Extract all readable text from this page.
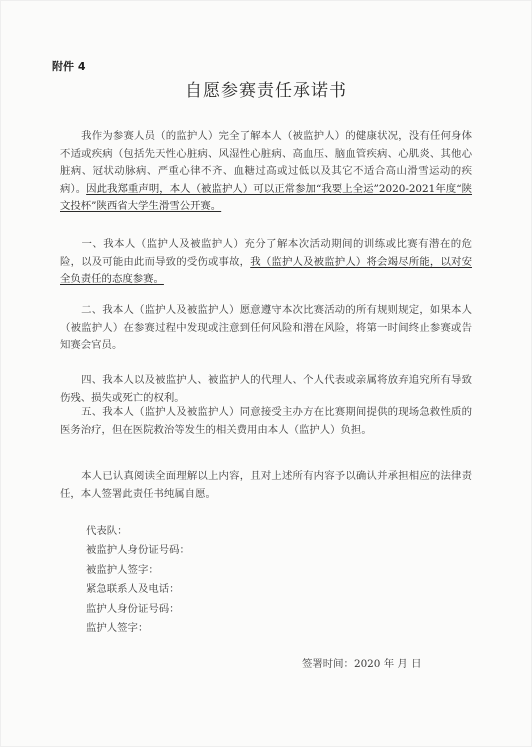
附件 4
自愿参赛责任承诺书
我作为参赛人员（的监护人）完全了解本人（被监护人）的健康状况，没有任何身体不适或疾病（包括先天性心脏病、风湿性心脏病、高血压、脑血管疾病、心肌炎、其他心脏病、冠状动脉病、严重心律不齐、血糖过高或过低以及其它不适合高山滑雪运动的疾病）。因此我郑重声明，本人（被监护人）可以正常参加“我要上全运”2020-2021年度“陕文投杯”陕西省大学生滑雪公开赛。
一、我本人（监护人及被监护人）充分了解本次活动期间的训练或比赛有潜在的危险，以及可能由此而导致的受伤或事故，我（监护人及被监护人）将会竭尽所能，以对安全负责任的态度参赛。
二、我本人（监护人及被监护人）愿意遵守本次比赛活动的所有规则规定，如果本人（被监护人）在参赛过程中发现或注意到任何风险和潜在风险，将第一时间终止参赛或告知赛会官员。
四、我本人以及被监护人、被监护人的代理人、个人代表或亲属将放弃追究所有导致伤残、损失或死亡的权利。
五、我本人（监护人及被监护人）同意接受主办方在比赛期间提供的现场急救性质的医务治疗，但在医院救治等发生的相关费用由本人（监护人）负担。
本人已认真阅读全面理解以上内容，且对上述所有内容予以确认并承担相应的法律责任，本人签署此责任书纯属自愿。
代表队：
被监护人身份证号码：
被监护人签字：
紧急联系人及电话：
监护人身份证号码：
监护人签字：
签署时间：2020 年 月 日
